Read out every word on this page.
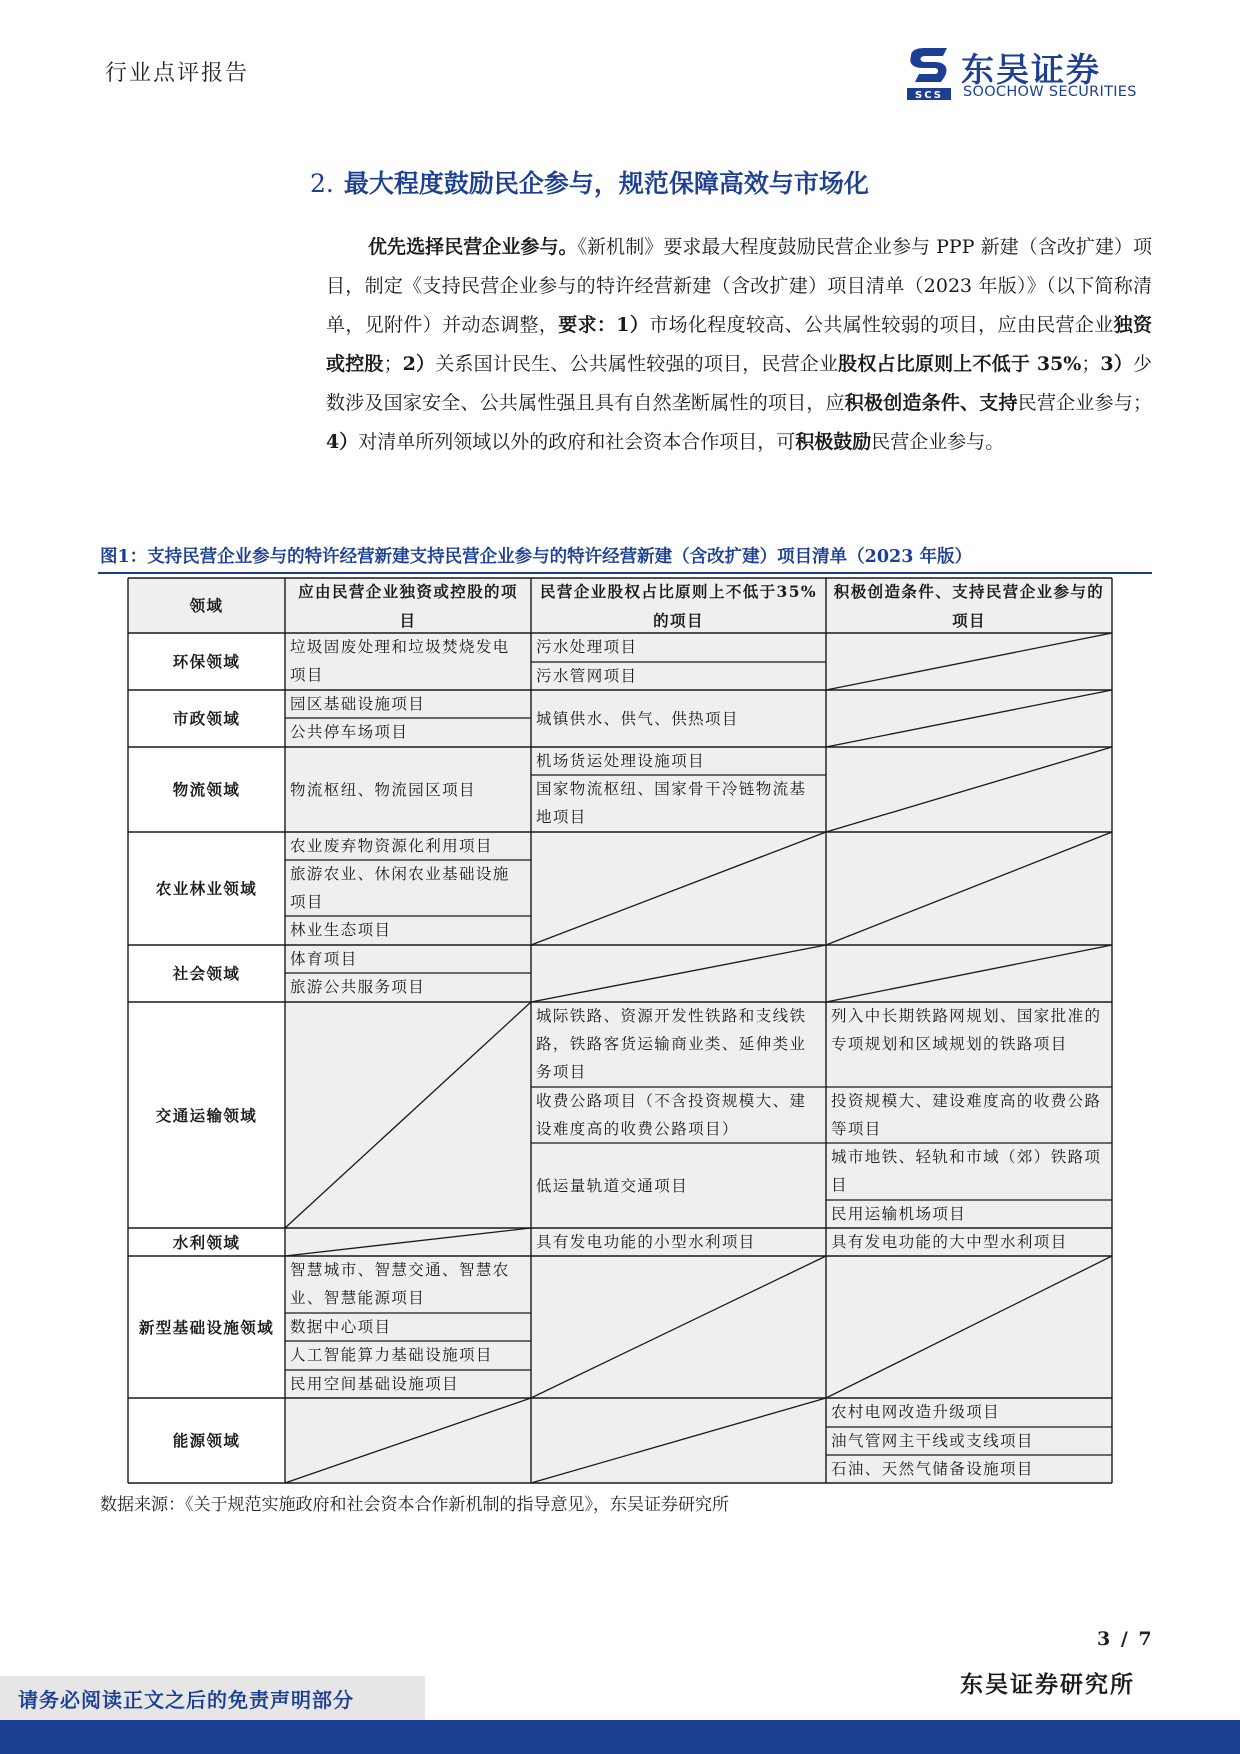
行业点评报告
SCS
东吴证券
SOOCHOW SECURITIES
2. 最大程度鼓励民企参与，规范保障高效与市场化

优先选择民营企业参与。《新机制》要求最大程度鼓励民营企业参与 PPP 新建（含改扩建）项目，制定《支持民营企业参与的特许经营新建（含改扩建）项目清单（2023 年版）》（以下简称清单，见附件）并动态调整，要求：1）市场化程度较高、公共属性较弱的项目，应由民营企业独资或控股；2）关系国计民生、公共属性较强的项目，民营企业股权占比原则上不低于 35%；3）少数涉及国家安全、公共属性强且具有自然垄断属性的项目，应积极创造条件、支持民营企业参与；4）对清单所列领域以外的政府和社会资本合作项目，可积极鼓励民营企业参与。

图1：支持民营企业参与的特许经营新建支持民营企业参与的特许经营新建（含改扩建）项目清单（2023 年版）
领域
应由民营企业独资或控股的项目
民营企业股权占比原则上不低于35%的项目
积极创造条件、支持民营企业参与的项目
环保领域
市政领域
物流领域
农业林业领域
社会领域
交通运输领域
水利领域
新型基础设施领域
能源领域
垃圾固废处理和垃圾焚烧发电项目
园区基础设施项目
公共停车场项目
物流枢纽、物流园区项目
农业废弃物资源化利用项目
旅游农业、休闲农业基础设施项目
林业生态项目
体育项目
旅游公共服务项目
智慧城市、智慧交通、智慧农业、智慧能源项目
数据中心项目
人工智能算力基础设施项目
民用空间基础设施项目
污水处理项目
污水管网项目
城镇供水、供气、供热项目
机场货运处理设施项目
国家物流枢纽、国家骨干冷链物流基地项目
城际铁路、资源开发性铁路和支线铁路，铁路客货运输商业类、延伸类业务项目
收费公路项目（不含投资规模大、建设难度高的收费公路项目）
低运量轨道交通项目
具有发电功能的小型水利项目
列入中长期铁路网规划、国家批准的专项规划和区域规划的铁路项目
投资规模大、建设难度高的收费公路等项目
城市地铁、轻轨和市域（郊）铁路项目
民用运输机场项目
具有发电功能的大中型水利项目
农村电网改造升级项目
油气管网主干线或支线项目
石油、天然气储备设施项目
数据来源：《关于规范实施政府和社会资本合作新机制的指导意见》，东吴证券研究所
3 / 7
东吴证券研究所
请务必阅读正文之后的免责声明部分
